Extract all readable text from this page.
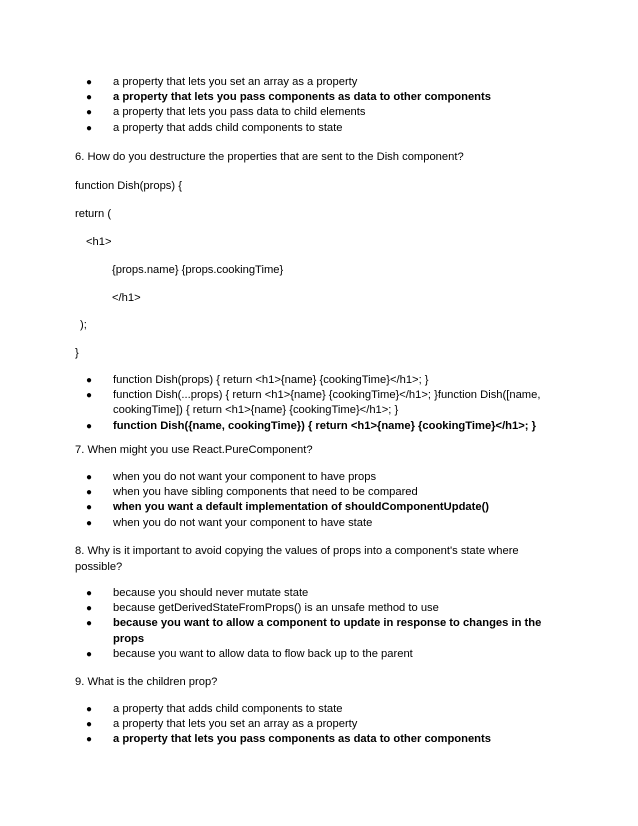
● a property that lets you set an array as a property
● a property that lets you pass components as data to other components
● a property that lets you pass data to child elements
● a property that adds child components to state
6. How do you destructure the properties that are sent to the Dish component?
function Dish(props) {
return (
<h1>
{props.name} {props.cookingTime}
</h1>
);
}
● function Dish(props) { return <h1>{name} {cookingTime}</h1>; }
● function Dish(...props) { return <h1>{name} {cookingTime}</h1>; }function Dish([name, cookingTime]) { return <h1>{name} {cookingTime}</h1>; }
● function Dish({name, cookingTime}) { return <h1>{name} {cookingTime}</h1>; }
7. When might you use React.PureComponent?
● when you do not want your component to have props
● when you have sibling components that need to be compared
● when you want a default implementation of shouldComponentUpdate()
● when you do not want your component to have state
8. Why is it important to avoid copying the values of props into a component's state where
possible?
● because you should never mutate state
● because getDerivedStateFromProps() is an unsafe method to use
● because you want to allow a component to update in response to changes in the props
● because you want to allow data to flow back up to the parent
9. What is the children prop?
● a property that adds child components to state
● a property that lets you set an array as a property
● a property that lets you pass components as data to other components
